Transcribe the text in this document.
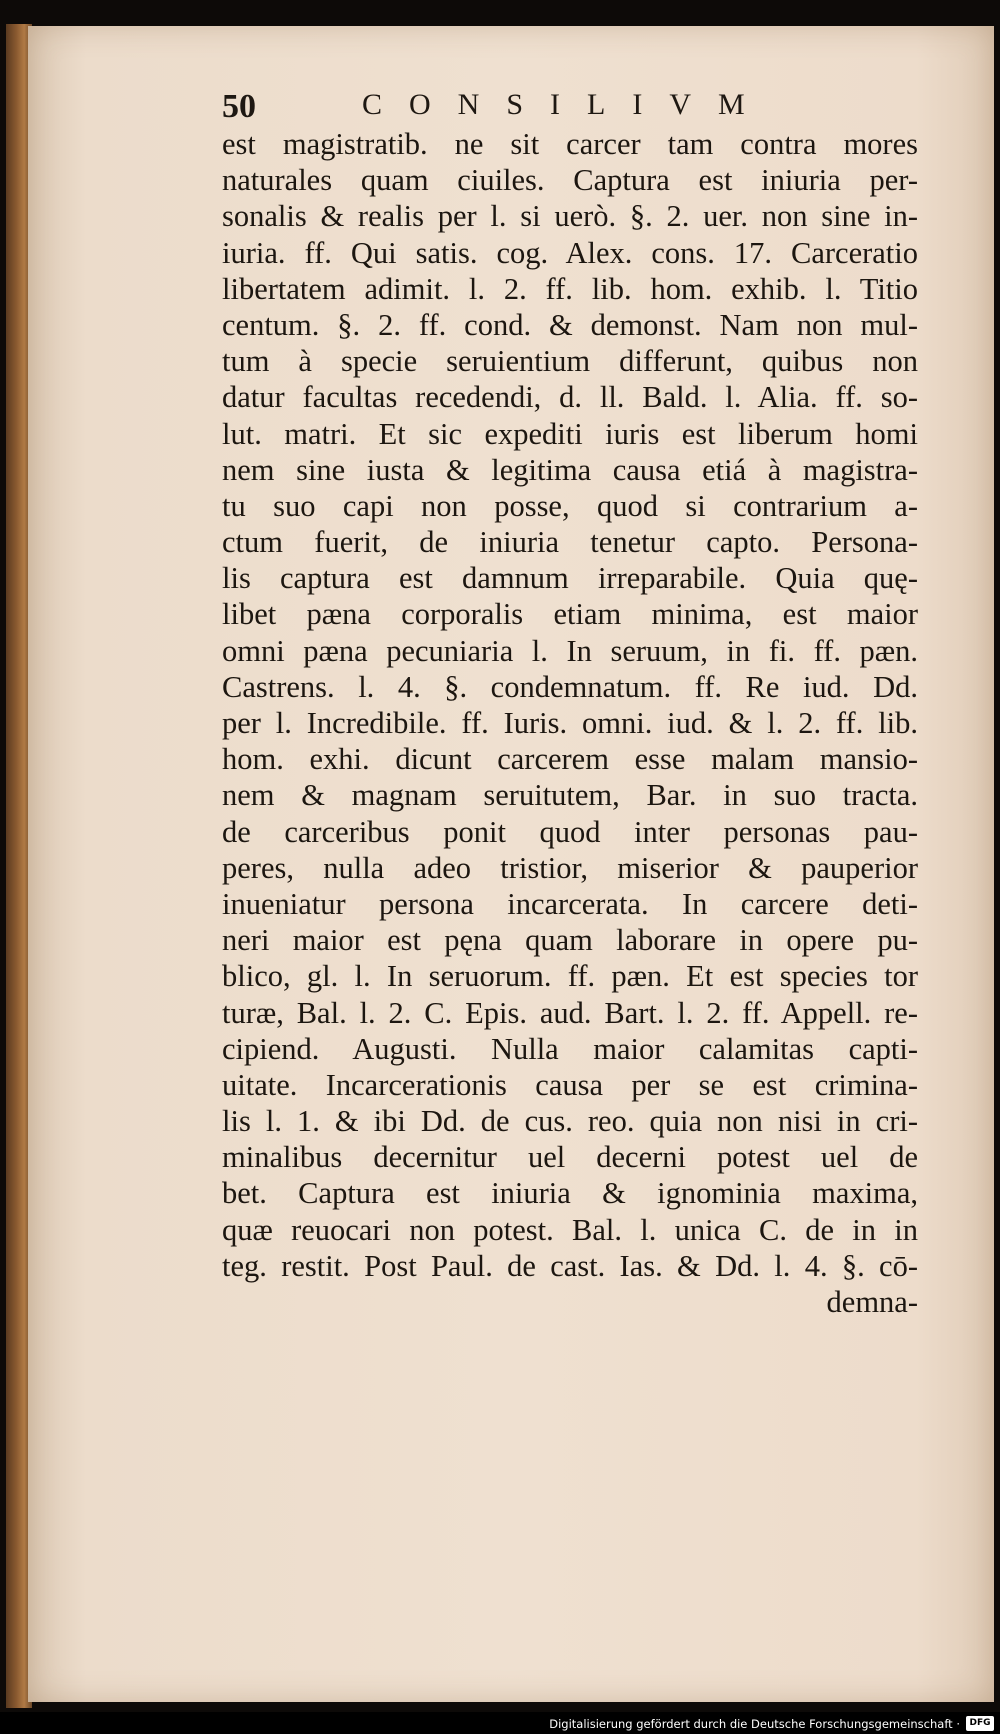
50	CONSILIVM
est magistratib. ne sit carcer tam contra mores
naturales quam ciuiles. Captura est iniuria per-
sonalis & realis per l. si uerò. §. 2. uer. non sine in-
iuria. ff. Qui satis. cog. Alex. cons. 17. Carceratio
libertatem adimit. l. 2. ff. lib. hom. exhib. l. Titio
centum. §. 2. ff. cond. & demonst. Nam non mul-
tum à specie seruientium differunt, quibus non
datur facultas recedendi, d. ll. Bald. l. Alia. ff. so-
lut. matri. Et sic expediti iuris est liberum homi
nem sine iusta & legitima causa etiá à magistra-
tu suo capi non posse, quod si contrarium a-
ctum fuerit, de iniuria tenetur capto. Persona-
lis captura est damnum irreparabile. Quia quę-
libet pæna corporalis etiam minima, est maior
omni pæna pecuniaria l. In seruum, in fi. ff. pæn.
Castrens. l. 4. §. condemnatum. ff. Re iud. Dd.
per l. Incredibile. ff. Iuris. omni. iud. & l. 2. ff. lib.
hom. exhi. dicunt carcerem esse malam mansio-
nem & magnam seruitutem, Bar. in suo tracta.
de carceribus ponit quod inter personas pau-
peres, nulla adeo tristior, miserior & pauperior
inueniatur persona incarcerata. In carcere deti-
neri maior est pęna quam laborare in opere pu-
blico, gl. l. In seruorum. ff. pæn. Et est species tor
turæ, Bal. l. 2. C. Epis. aud. Bart. l. 2. ff. Appell. re-
cipiend. Augusti. Nulla maior calamitas capti-
uitate. Incarcerationis causa per se est crimina-
lis l. 1. & ibi Dd. de cus. reo. quia non nisi in cri-
minalibus decernitur uel decerni potest uel de
bet. Captura est iniuria & ignominia maxima,
quæ reuocari non potest. Bal. l. unica C. de in in
teg. restit. Post Paul. de cast. Ias. & Dd. l. 4. §. cō-
demna-
Digitalisierung gefördert durch die Deutsche Forschungsgemeinschaft ·	DFG
